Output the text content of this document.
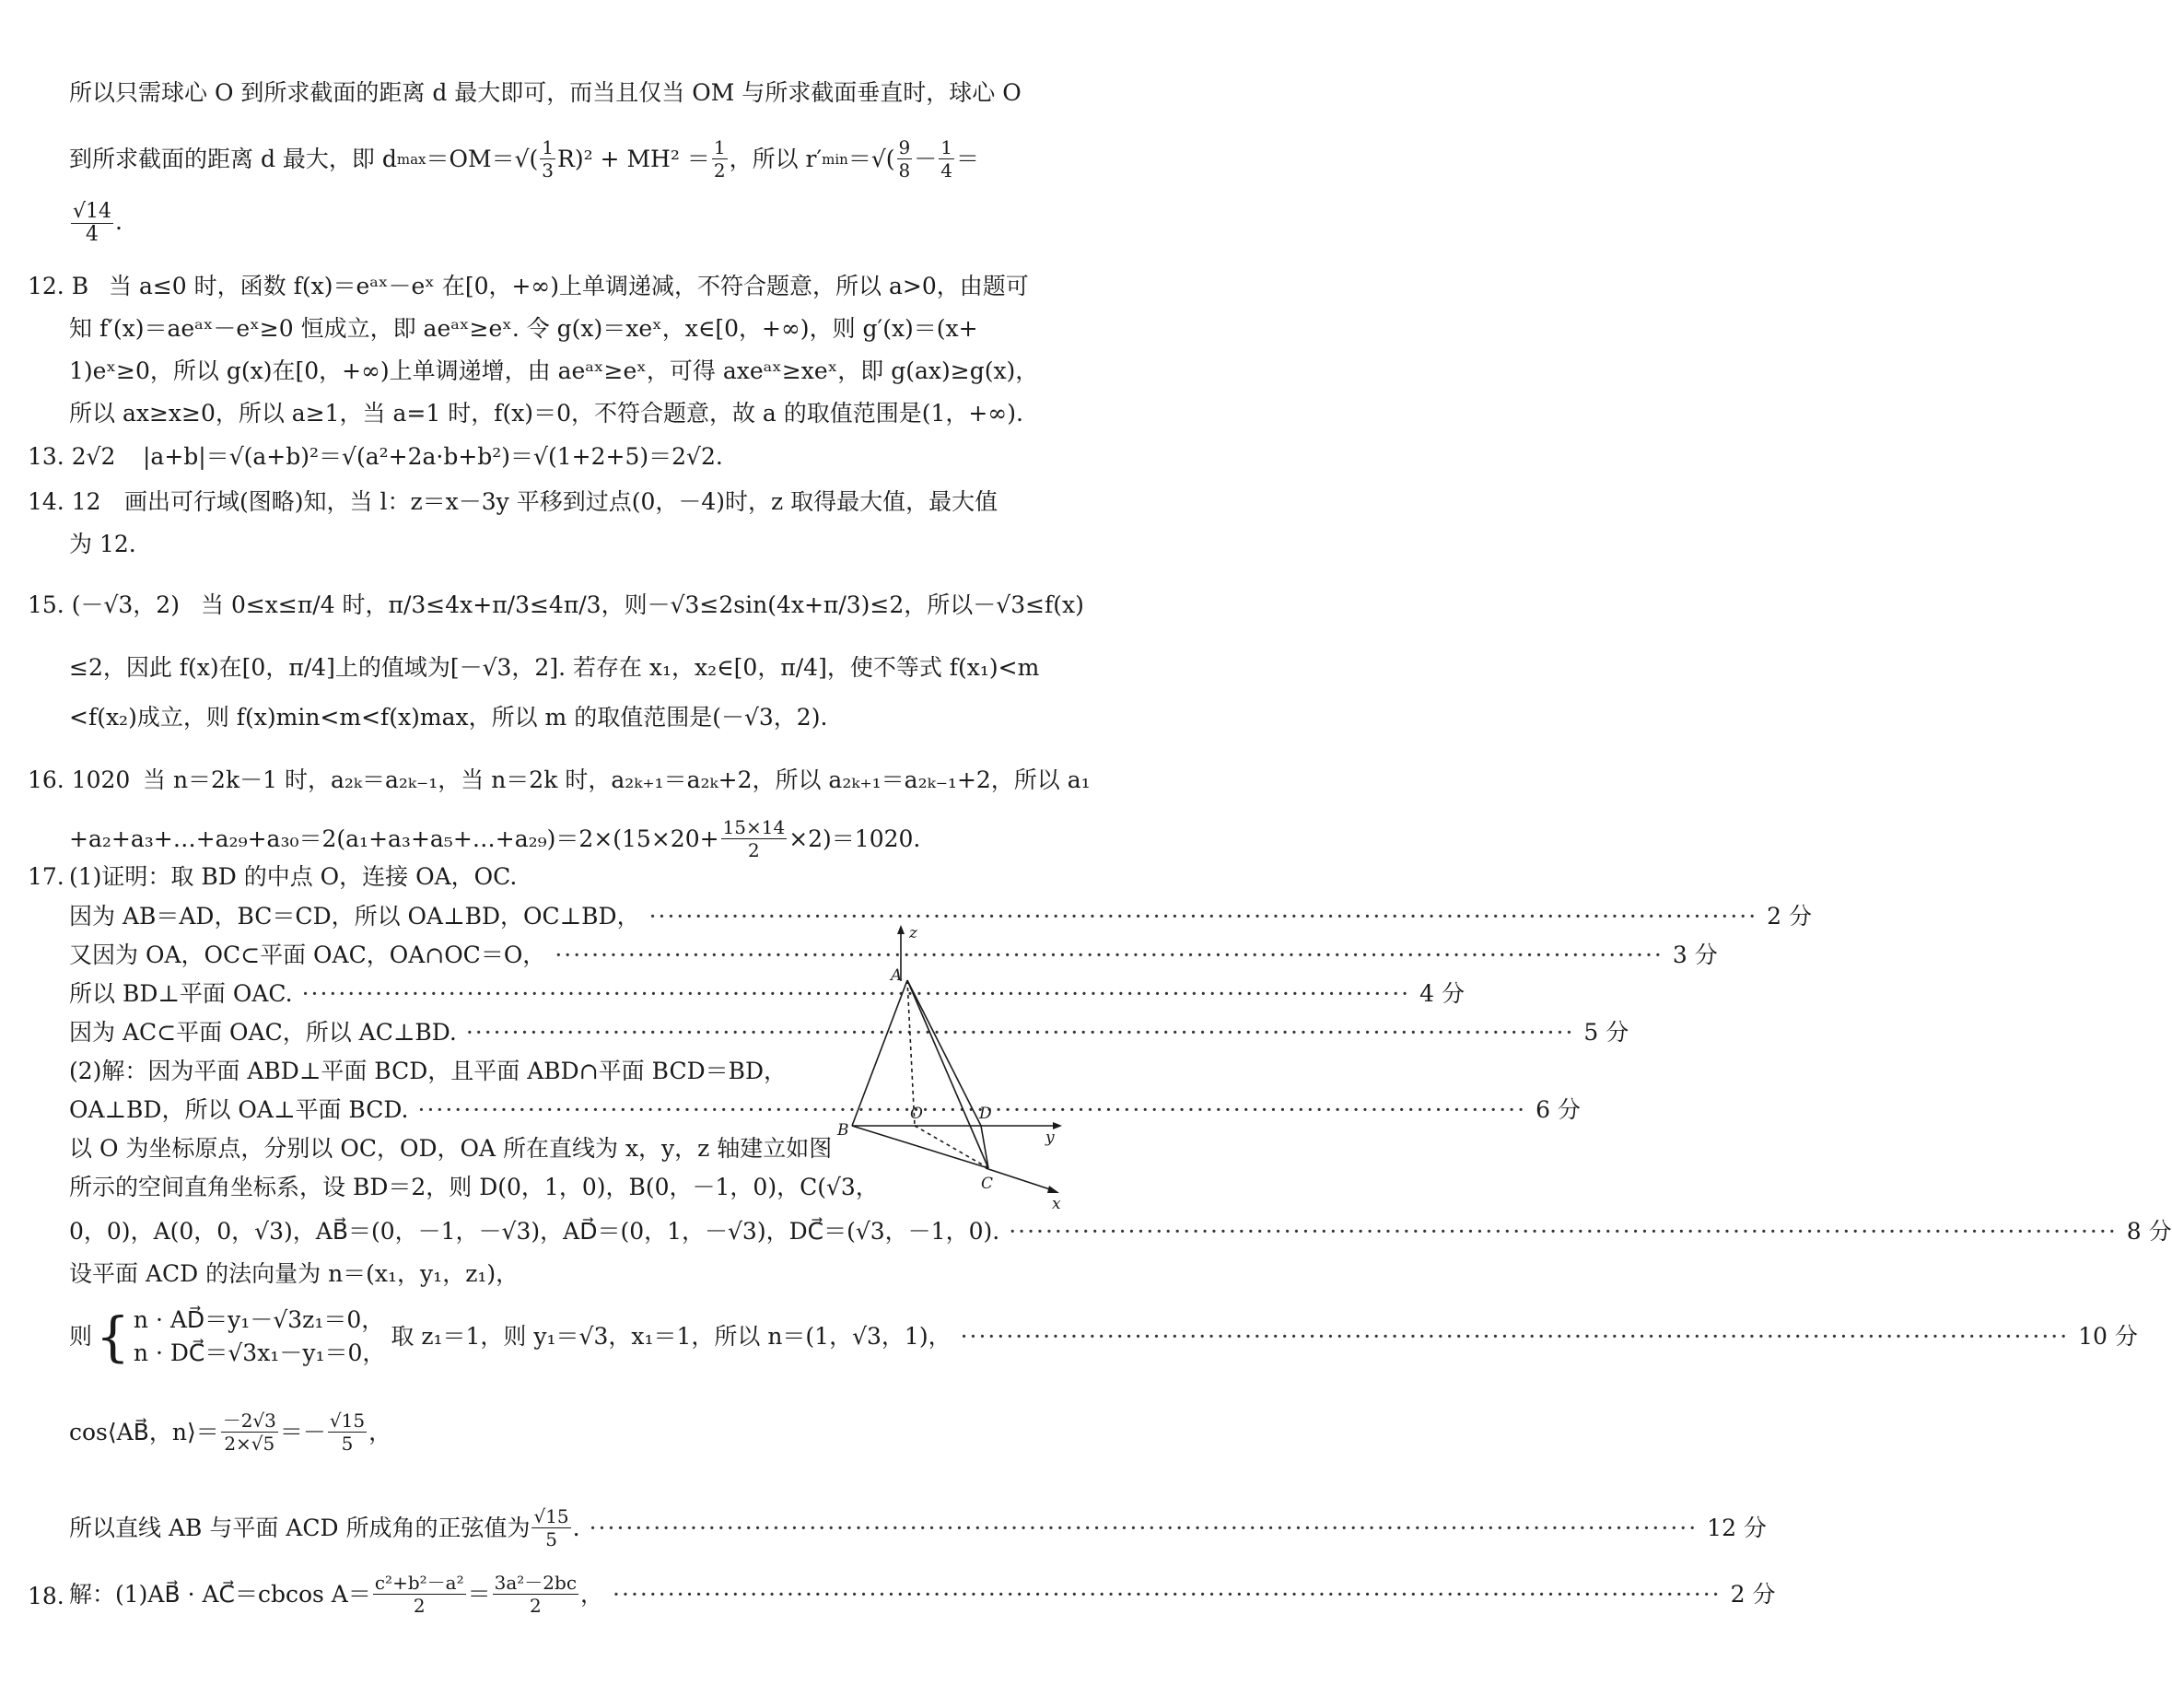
所以只需球心 O 到所求截面的距离 d 最大即可，而当且仅当 OM 与所求截面垂直时，球心 O
到所求截面的距离 d 最大，即 d $\max =OM=√( \frac{1}{3} R)^2 + MH^2 = \frac{1}{2}$ ，所以 r′ min ＝√( $\frac{9}{8} - \frac{1}{4}$ ＝
$\frac{√14}{4}$ .
12. B 当 a≤0 时，函数 f(x)＝eᵃˣ－eˣ 在[0，+∞)上单调递减，不符合题意，所以 a>0，由题可
知 f′(x)＝aeᵃˣ－eˣ≥0 恒成立，即 aeᵃˣ≥eˣ. 令 g(x)＝xeˣ，x∈[0，+∞)，则 g′(x)＝(x+
1)eˣ≥0，所以 g(x)在[0，+∞)上单调递增，由 aeᵃˣ≥eˣ，可得 axeᵃˣ≥xeˣ，即 g(ax)≥g(x)，
所以 ax≥x≥0，所以 a≥1，当 a=1 时，f(x)＝0，不符合题意，故 a 的取值范围是(1，+∞).
13. 2√2 |a+b|＝√(a+b)²＝√(a²+2a·b+b²)＝√(1+2+5)＝2√2.
14. 12 画出可行域(图略)知，当 l：z＝x－3y 平移到过点(0，－4)时，z 取得最大值，最大值
为 12.
15. (－√3，2) 当 0≤x≤π/4 时，π/3≤4x+π/3≤4π/3，则－√3≤2sin(4x+π/3)≤2，所以－√3≤f(x)
≤2，因此 f(x)在[0，π/4]上的值域为[－√3，2]. 若存在 x₁，x₂∈[0，π/4]，使不等式 f(x₁)<m
<f(x₂)成立，则 f(x)min<m<f(x)max，所以 m 的取值范围是(－√3，2).
16. 1020 当 n＝2k－1 时，a₂ₖ＝a₂ₖ₋₁，当 n＝2k 时，a₂ₖ₊₁＝a₂ₖ+2，所以 a₂ₖ₊₁＝a₂ₖ₋₁+2，所以 a₁
+a₂+a₃+…+a₂₉+a₃₀＝2(a₁+a₃+a₅+…+a₂₉)＝2×(15×20+ $\frac{15\times 14}{2} \times 2)=1020$.
17. (1)证明：取 BD 的中点 O，连接 OA，OC.
因为 AB＝AD，BC＝CD，所以 OA⊥BD，OC⊥BD， ·····	2 分
又因为 OA，OC⊂平面 OAC，OA∩OC＝O， ·····	3 分
所以 BD⊥平面 OAC. ·····	4 分
因为 AC⊂平面 OAC，所以 AC⊥BD. ·····	5 分
(2)解：因为平面 ABD⊥平面 BCD，且平面 ABD∩平面 BCD＝BD，
OA⊥BD，所以 OA⊥平面 BCD. ·····	6 分
以 O 为坐标原点，分别以 OC，OD，OA 所在直线为 x，y，z 轴建立如图
所示的空间直角坐标系，设 BD＝2，则 D(0，1，0)，B(0，－1，0)，C(√3，
0，0)，A(0，0，√3)，AB⃗＝(0，－1，－√3)，AD⃗＝(0，1，－√3)，DC⃗＝(√3，－1，0). ·····	8 分
设平面 ACD 的法向量为 n＝(x₁，y₁，z₁)，
则 { n · AD⃗＝y₁－√3z₁＝0，
n · DC⃗＝√3x₁－y₁＝0，
取 z₁＝1，则 y₁＝√3，x₁＝1，所以 n＝(1，√3，1)， ·····	10 分
cos⟨AB⃗，n⟩＝ $\frac{-2√3}{2\times√5} =- \frac{√15}{5}$ ，
所以直线 AB 与平面 ACD 所成角的正弦值为 $\frac{√15}{5}$ . ·····	12 分
18. 解：(1)AB⃗ · AC⃗＝cbcos $A= \frac{\text{c²+b²－a²}}{2} = \frac{\text{3a²－2bc}}{2}$ ， ·····	2 分
z
A
B
O	D
y
C
x
